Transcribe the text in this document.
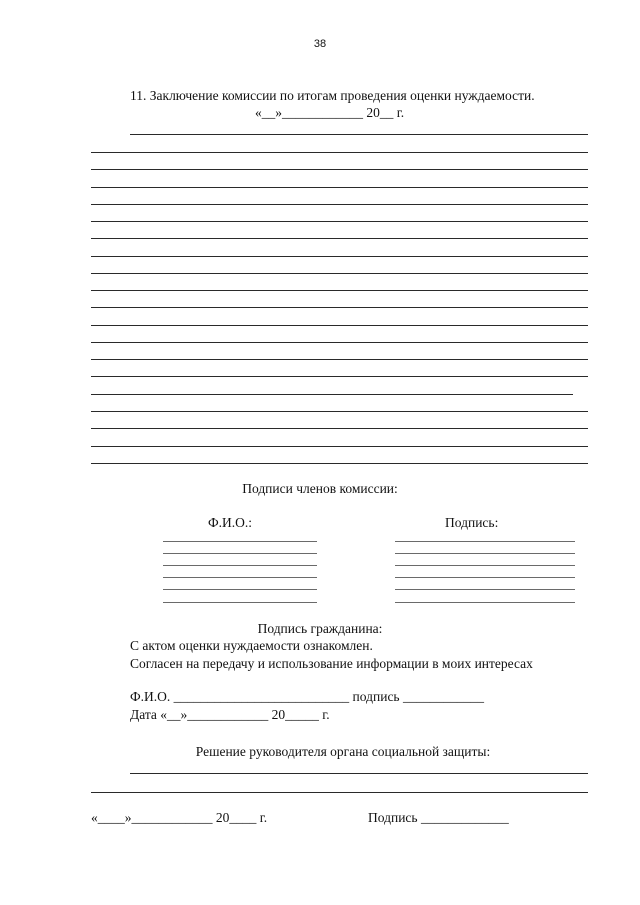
38
11. Заключение комиссии по итогам проведения оценки нуждаемости.
«__»____________ 20__ г.
Подписи членов комиссии:
Ф.И.О.:	Подпись:
Подпись гражданина:
С актом оценки нуждаемости ознакомлен.
Согласен на передачу и использование информации в моих интересах
Ф.И.О. __________________________ подпись ____________
Дата «__»____________ 20_____ г.
Решение руководителя органа социальной защиты:
«____»____________ 20____ г.	Подпись _____________
